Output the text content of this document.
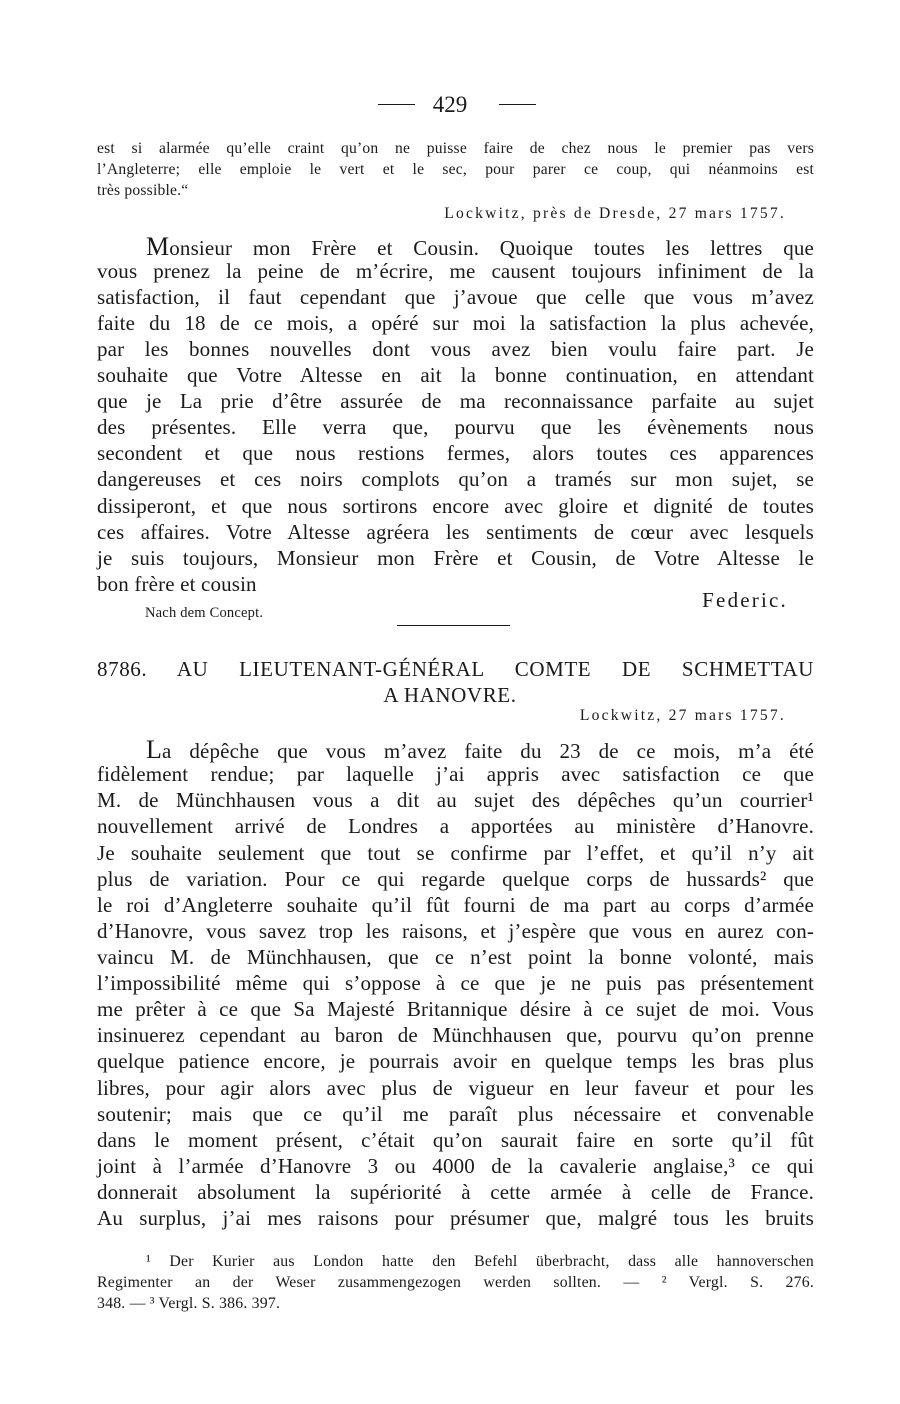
429
est si alarmée qu’elle craint qu’on ne puisse faire de chez nous le premier pas vers
l’Angleterre; elle emploie le vert et le sec, pour parer ce coup, qui néanmoins est
très possible.“
Lockwitz, près de Dresde, 27 mars 1757.
Monsieur mon Frère et Cousin. Quoique toutes les lettres que
vous prenez la peine de m’écrire, me causent toujours infiniment de la
satisfaction, il faut cependant que j’avoue que celle que vous m’avez
faite du 18 de ce mois, a opéré sur moi la satisfaction la plus achevée,
par les bonnes nouvelles dont vous avez bien voulu faire part. Je
souhaite que Votre Altesse en ait la bonne continuation, en attendant
que je La prie d’être assurée de ma reconnaissance parfaite au sujet
des présentes. Elle verra que, pourvu que les évènements nous
secondent et que nous restions fermes, alors toutes ces apparences
dangereuses et ces noirs complots qu’on a tramés sur mon sujet, se
dissiperont, et que nous sortirons encore avec gloire et dignité de toutes
ces affaires. Votre Altesse agréera les sentiments de cœur avec lesquels
je suis toujours, Monsieur mon Frère et Cousin, de Votre Altesse le
bon frère et cousin
Federic.
Nach dem Concept.
8786. AU LIEUTENANT-GÉNÉRAL COMTE DE SCHMETTAU
A HANOVRE.
Lockwitz, 27 mars 1757.
La dépêche que vous m’avez faite du 23 de ce mois, m’a été
fidèlement rendue; par laquelle j’ai appris avec satisfaction ce que
M. de Münchhausen vous a dit au sujet des dépêches qu’un courrier¹
nouvellement arrivé de Londres a apportées au ministère d’Hanovre.
Je souhaite seulement que tout se confirme par l’effet, et qu’il n’y ait
plus de variation. Pour ce qui regarde quelque corps de hussards² que
le roi d’Angleterre souhaite qu’il fût fourni de ma part au corps d’armée
d’Hanovre, vous savez trop les raisons, et j’espère que vous en aurez con-
vaincu M. de Münchhausen, que ce n’est point la bonne volonté, mais
l’impossibilité même qui s’oppose à ce que je ne puis pas présentement
me prêter à ce que Sa Majesté Britannique désire à ce sujet de moi. Vous
insinuerez cependant au baron de Münchhausen que, pourvu qu’on prenne
quelque patience encore, je pourrais avoir en quelque temps les bras plus
libres, pour agir alors avec plus de vigueur en leur faveur et pour les
soutenir; mais que ce qu’il me paraît plus nécessaire et convenable
dans le moment présent, c’était qu’on saurait faire en sorte qu’il fût
joint à l’armée d’Hanovre 3 ou 4000 de la cavalerie anglaise,³ ce qui
donnerait absolument la supériorité à cette armée à celle de France.
Au surplus, j’ai mes raisons pour présumer que, malgré tous les bruits
¹ Der Kurier aus London hatte den Befehl überbracht, dass alle hannoverschen
Regimenter an der Weser zusammengezogen werden sollten. — ² Vergl. S. 276.
348. — ³ Vergl. S. 386. 397.
